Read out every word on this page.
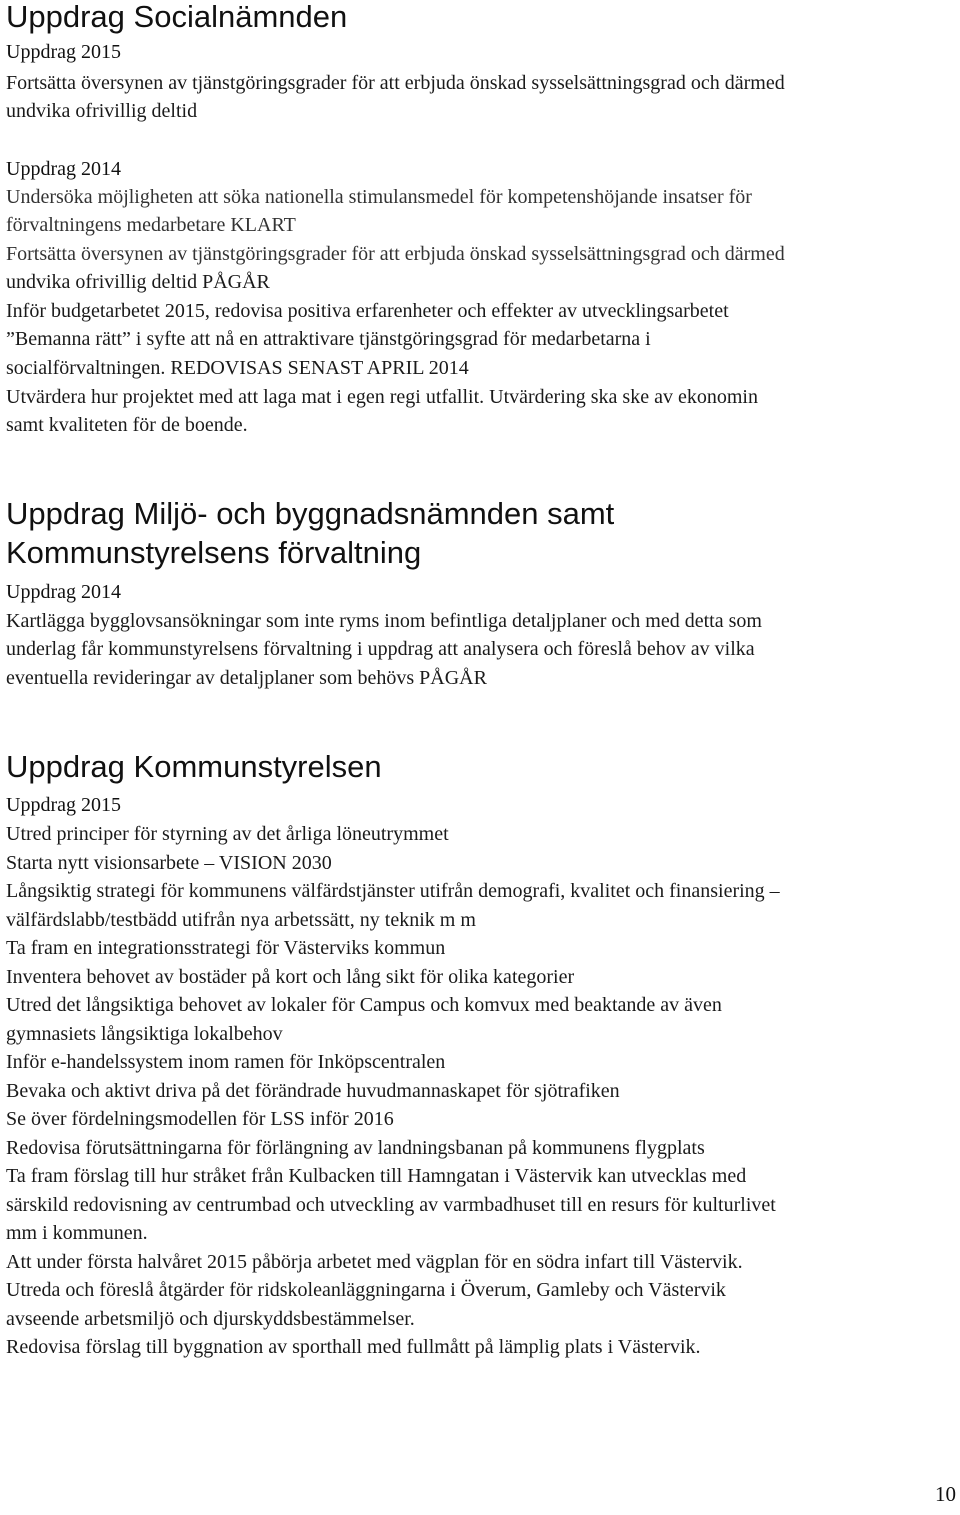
Uppdrag Socialnämnden
Uppdrag 2015
Fortsätta översynen av tjänstgöringsgrader för att erbjuda önskad sysselsättningsgrad och därmed
undvika ofrivillig deltid
Uppdrag 2014
Undersöka möjligheten att söka nationella stimulansmedel för kompetenshöjande insatser för
förvaltningens medarbetare KLART
Fortsätta översynen av tjänstgöringsgrader för att erbjuda önskad sysselsättningsgrad och därmed
undvika ofrivillig deltid PÅGÅR
Inför budgetarbetet 2015, redovisa positiva erfarenheter och effekter av utvecklingsarbetet
”Bemanna rätt” i syfte att nå en attraktivare tjänstgöringsgrad för medarbetarna i
socialförvaltningen. REDOVISAS SENAST APRIL 2014
Utvärdera hur projektet med att laga mat i egen regi utfallit. Utvärdering ska ske av ekonomin
samt kvaliteten för de boende.
Uppdrag Miljö- och byggnadsnämnden samt
Kommunstyrelsens förvaltning
Uppdrag 2014
Kartlägga bygglovsansökningar som inte ryms inom befintliga detaljplaner och med detta som
underlag får kommunstyrelsens förvaltning i uppdrag att analysera och föreslå behov av vilka
eventuella revideringar av detaljplaner som behövs PÅGÅR
Uppdrag Kommunstyrelsen
Uppdrag 2015
Utred principer för styrning av det årliga löneutrymmet
Starta nytt visionsarbete – VISION 2030
Långsiktig strategi för kommunens välfärdstjänster utifrån demografi, kvalitet och finansiering –
välfärdslabb/testbädd utifrån nya arbetssätt, ny teknik m m
Ta fram en integrationsstrategi för Västerviks kommun
Inventera behovet av bostäder på kort och lång sikt för olika kategorier
Utred det långsiktiga behovet av lokaler för Campus och komvux med beaktande av även
gymnasiets långsiktiga lokalbehov
Inför e-handelssystem inom ramen för Inköpscentralen
Bevaka och aktivt driva på det förändrade huvudmannaskapet för sjötrafiken
Se över fördelningsmodellen för LSS inför 2016
Redovisa förutsättningarna för förlängning av landningsbanan på kommunens flygplats
Ta fram förslag till hur stråket från Kulbacken till Hamngatan i Västervik kan utvecklas med
särskild redovisning av centrumbad och utveckling av varmbadhuset till en resurs för kulturlivet
mm i kommunen.
Att under första halvåret 2015 påbörja arbetet med vägplan för en södra infart till Västervik.
Utreda och föreslå åtgärder för ridskoleanläggningarna i Överum, Gamleby och Västervik
avseende arbetsmiljö och djurskyddsbestämmelser.
Redovisa förslag till byggnation av sporthall med fullmått på lämplig plats i Västervik.
10
